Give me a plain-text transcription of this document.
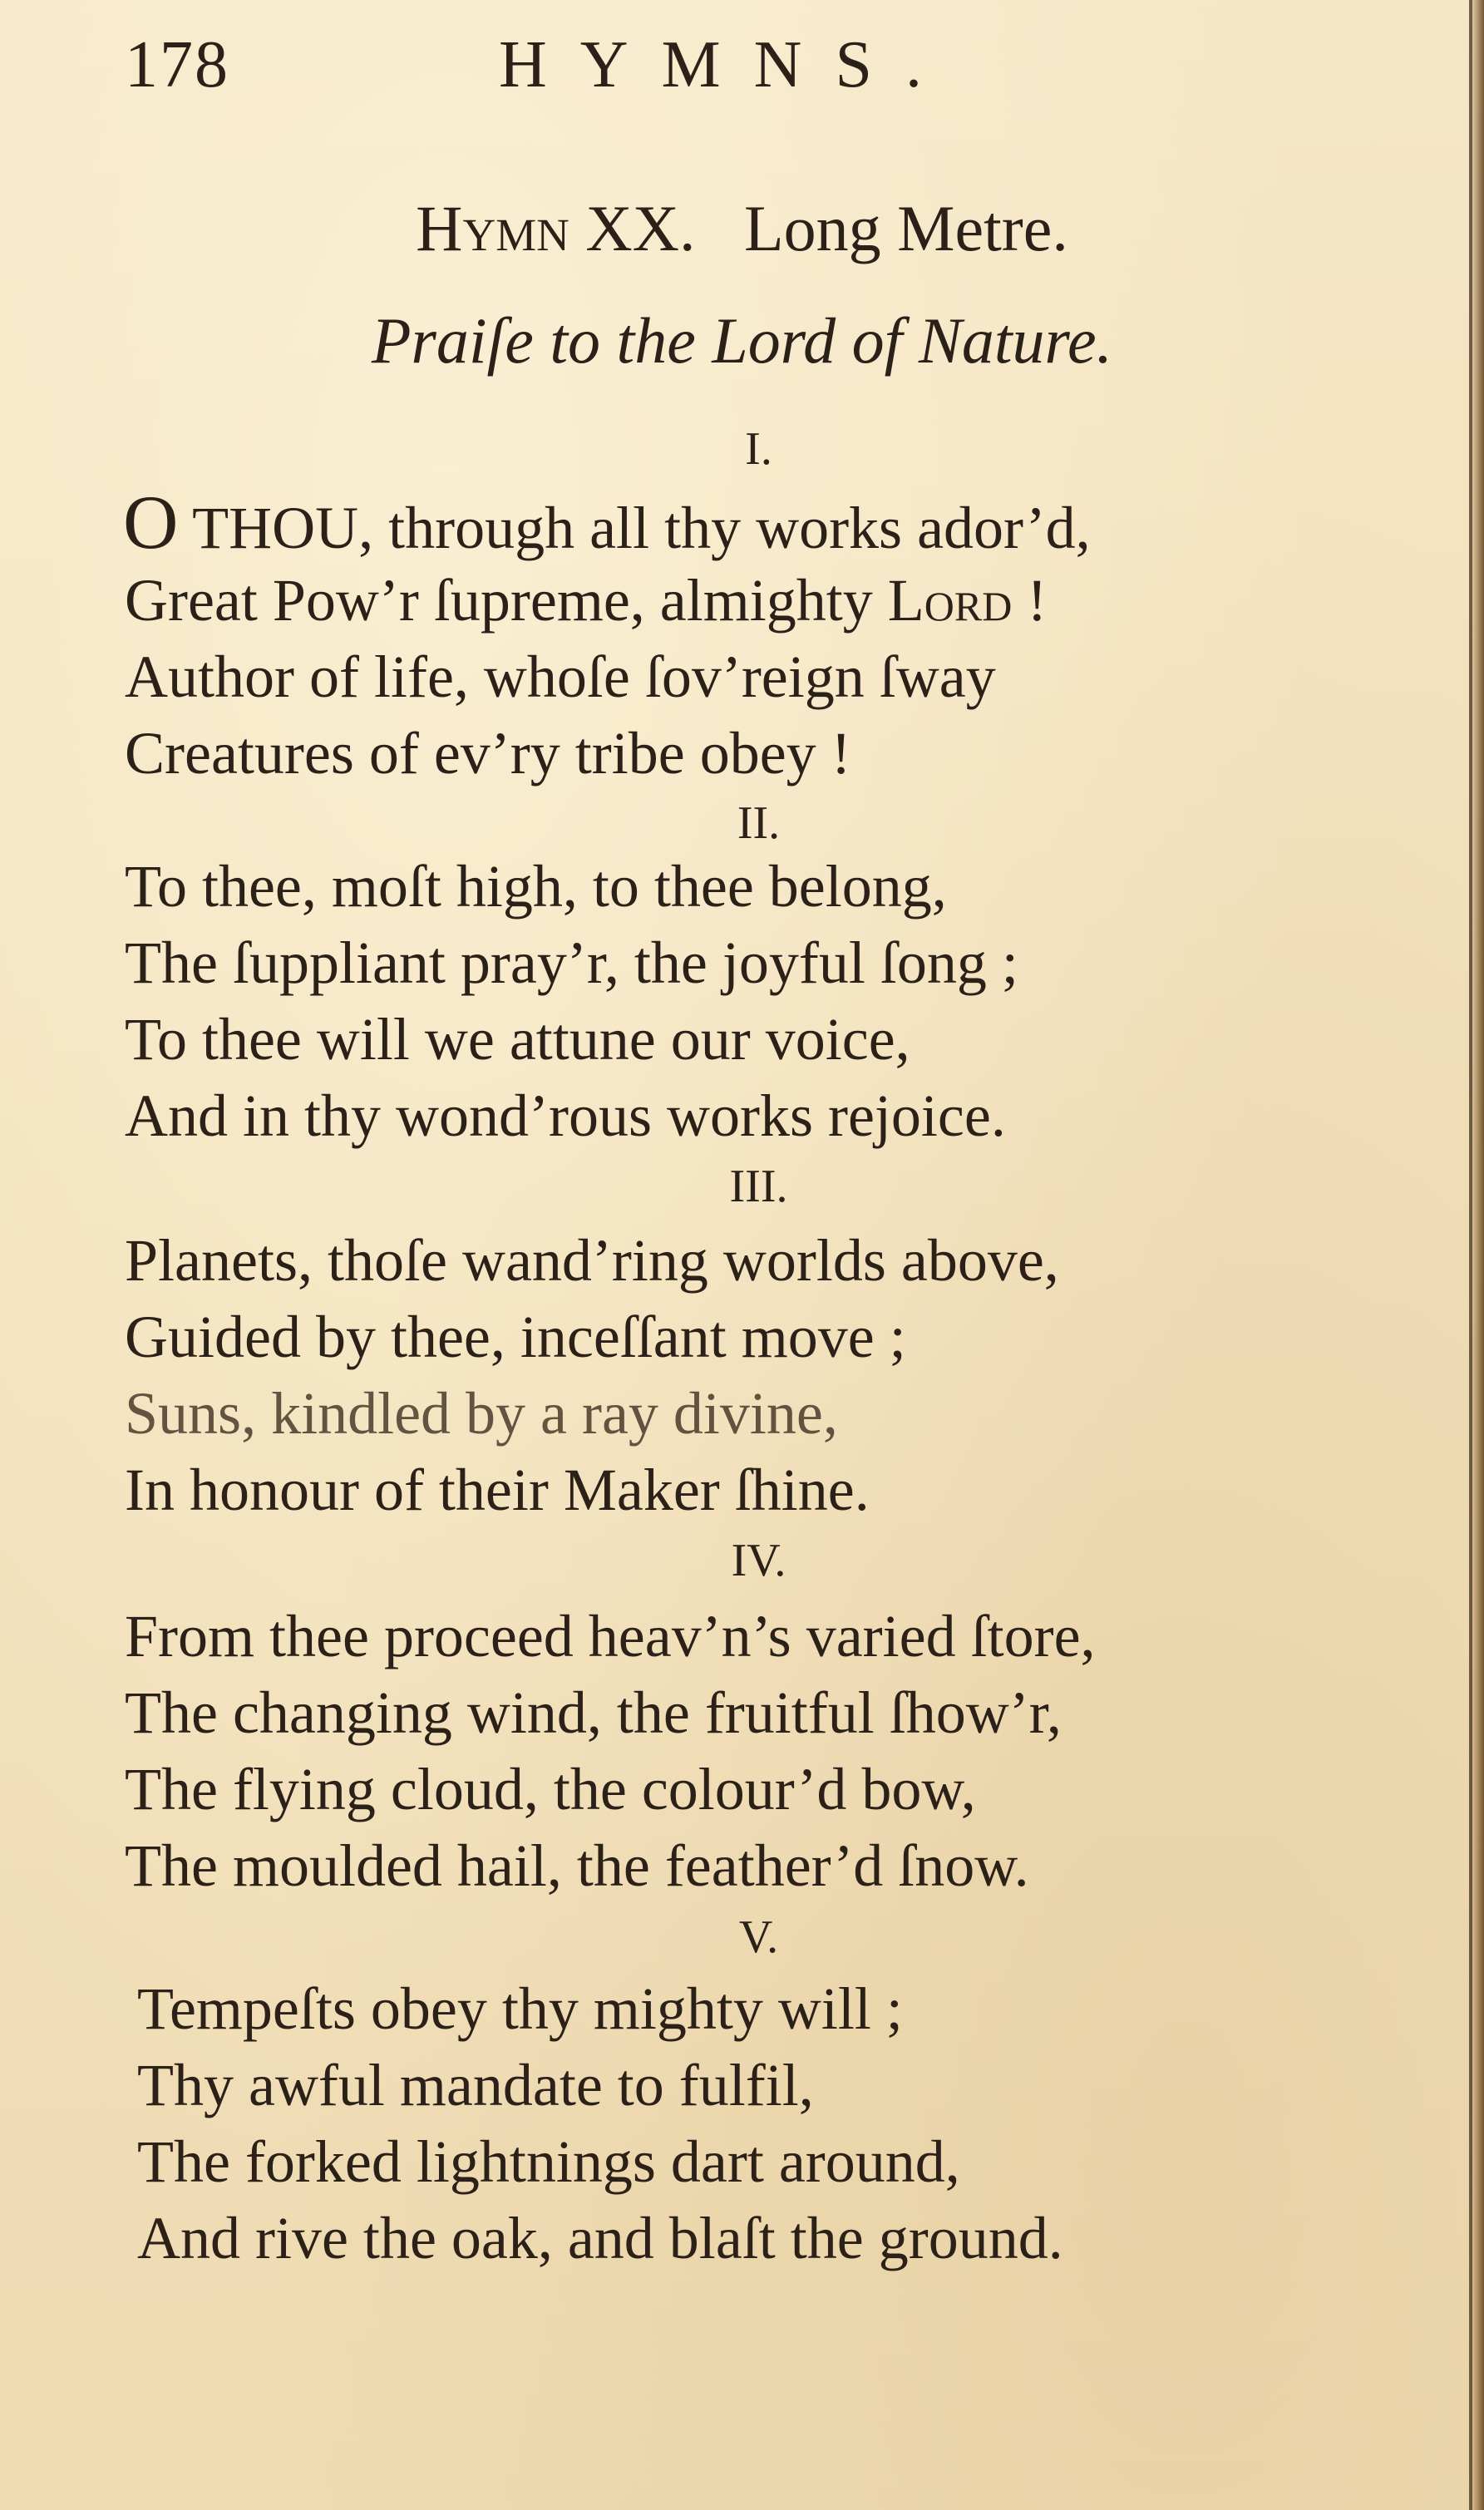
178	HYMNS.
Hymn XX.   Long Metre.
Praiſe to the Lord of Nature.
I.
O THOU, through all thy works ador’d,
Great Pow’r ſupreme, almighty Lord !
Author of life, whoſe ſov’reign ſway
Creatures of ev’ry tribe obey !
II.
To thee, moſt high, to thee belong,
The ſuppliant pray’r, the joyful ſong ;
To thee will we attune our voice,
And in thy wond’rous works rejoice.
III.
Planets, thoſe wand’ring worlds above,
Guided by thee, inceſſant move ;
Suns, kindled by a ray divine,
In honour of their Maker ſhine.
IV.
From thee proceed heav’n’s varied ſtore,
The changing wind, the fruitful ſhow’r,
The flying cloud, the colour’d bow,
The moulded hail, the feather’d ſnow.
V.
Tempeſts obey thy mighty will ;
Thy awful mandate to fulfil,
The forked lightnings dart around,
And rive the oak, and blaſt the ground.
